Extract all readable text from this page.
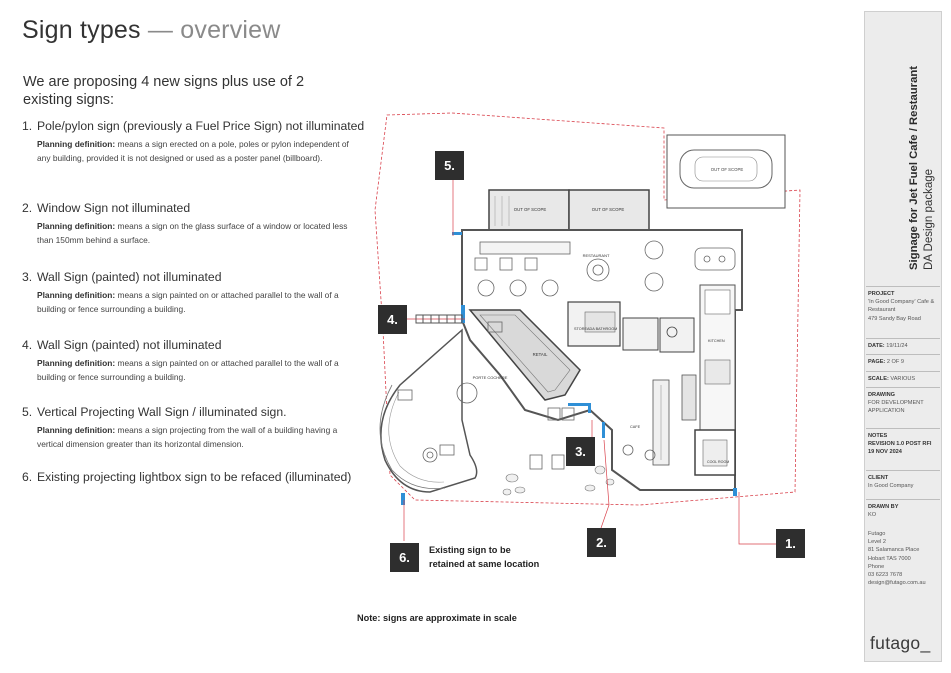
Sign types — overview
We are proposing 4 new signs plus use of 2 existing signs:
1. Pole/pylon sign (previously a Fuel Price Sign) not illuminated
Planning definition: means a sign erected on a pole, poles or pylon independent of any building, provided it is not designed or used as a poster panel (billboard).
2. Window Sign not illuminated
Planning definition: means a sign on the glass surface of a window or located less than 150mm behind a surface.
3. Wall Sign (painted) not illuminated
Planning definition: means a sign painted on or attached parallel to the wall of a building or fence surrounding a building.
4. Wall Sign (painted) not illuminated
Planning definition: means a sign painted on or attached parallel to the wall of a building or fence surrounding a building.
5. Vertical Projecting Wall Sign / illuminated sign.
Planning definition: means a sign projecting from the wall of a building having a vertical dimension greater than its horizontal dimension.
6. Existing projecting lightbox sign to be refaced (illuminated)
OUT OF SCOPE
OUT OF SCOPE	OUT OF SCOPE
RETAIL
STORE ADA BATHROOM
KITCHEN
COOL ROOM
CAFE
RESTAURANT
PORTE COCHERE
5.
4.
3.
2.	1.
6.	Existing sign to be retained at same location
Note: signs are approximate in scale
Signage for Jet Fuel Cafe / Restaurant DA Design package
PROJECT
'In Good Company' Cafe & Restaurant
479 Sandy Bay Road
DATE: 19/11/24
PAGE: 2 OF 9
SCALE: VARIOUS
DRAWING
FOR DEVELOPMENT APPLICATION
NOTES
REVISION 1.0 POST RFI 19 NOV 2024
CLIENT
In Good Company
DRAWN BY
KO
Futago
Level 2
81 Salamanca Place
Hobart TAS 7000
Phone
03 6223 7678
design@futago.com.au
futago_
